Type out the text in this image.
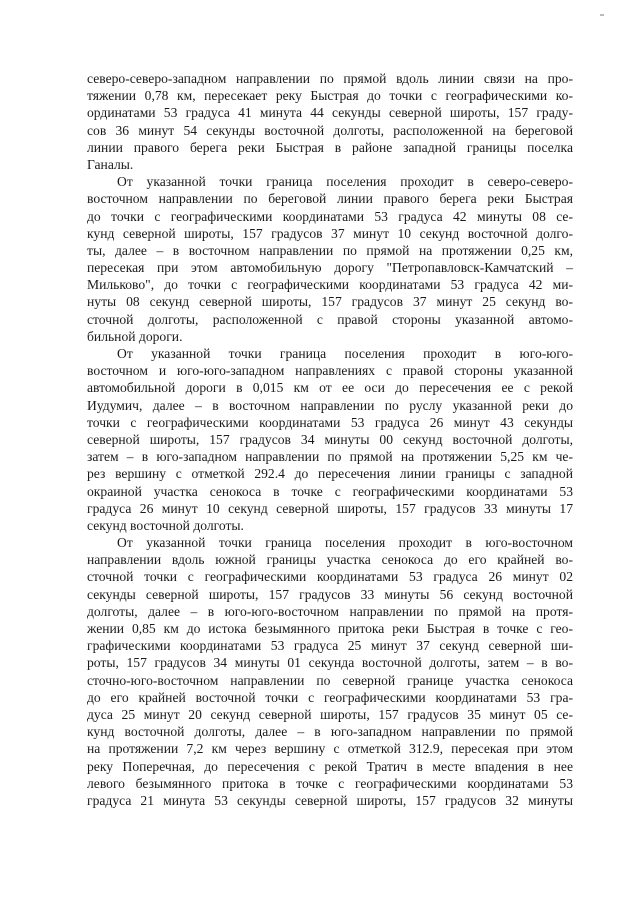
северо-северо-западном направлении по прямой вдоль линии связи на про-
тяжении 0,78 км, пересекает реку Быстрая до точки с географическими ко-
ординатами 53 градуса 41 минута 44 секунды северной широты, 157 граду-
сов 36 минут 54 секунды восточной долготы, расположенной на береговой
линии правого берега реки Быстрая в районе западной границы поселка
Ганалы.
От указанной точки граница поселения проходит в северо-северо-
восточном направлении по береговой линии правого берега реки Быстрая
до точки с географическими координатами 53 градуса 42 минуты 08 се-
кунд северной широты, 157 градусов 37 минут 10 секунд восточной долго-
ты, далее – в восточном направлении по прямой на протяжении 0,25 км,
пересекая при этом автомобильную дорогу "Петропавловск-Камчатский –
Мильково", до точки с географическими координатами 53 градуса 42 ми-
нуты 08 секунд северной широты, 157 градусов 37 минут 25 секунд во-
сточной долготы, расположенной с правой стороны указанной автомо-
бильной дороги.
От указанной точки граница поселения проходит в юго-юго-
восточном и юго-юго-западном направлениях с правой стороны указанной
автомобильной дороги в 0,015 км от ее оси до пересечения ее с рекой
Иудумич, далее – в восточном направлении по руслу указанной реки до
точки с географическими координатами 53 градуса 26 минут 43 секунды
северной широты, 157 градусов 34 минуты 00 секунд восточной долготы,
затем – в юго-западном направлении по прямой на протяжении 5,25 км че-
рез вершину с отметкой 292.4 до пересечения линии границы с западной
окраиной участка сенокоса в точке с географическими координатами 53
градуса 26 минут 10 секунд северной широты, 157 градусов 33 минуты 17
секунд восточной долготы.
От указанной точки граница поселения проходит в юго-восточном
направлении вдоль южной границы участка сенокоса до его крайней во-
сточной точки с географическими координатами 53 градуса 26 минут 02
секунды северной широты, 157 градусов 33 минуты 56 секунд восточной
долготы, далее – в юго-юго-восточном направлении по прямой на протя-
жении 0,85 км до истока безымянного притока реки Быстрая в точке с гео-
графическими координатами 53 градуса 25 минут 37 секунд северной ши-
роты, 157 градусов 34 минуты 01 секунда восточной долготы, затем – в во-
сточно-юго-восточном направлении по северной границе участка сенокоса
до его крайней восточной точки с географическими координатами 53 гра-
дуса 25 минут 20 секунд северной широты, 157 градусов 35 минут 05 се-
кунд восточной долготы, далее – в юго-западном направлении по прямой
на протяжении 7,2 км через вершину с отметкой 312.9, пересекая при этом
реку Поперечная, до пересечения с рекой Тратич в месте впадения в нее
левого безымянного притока в точке с географическими координатами 53
градуса 21 минута 53 секунды северной широты, 157 градусов 32 минуты
